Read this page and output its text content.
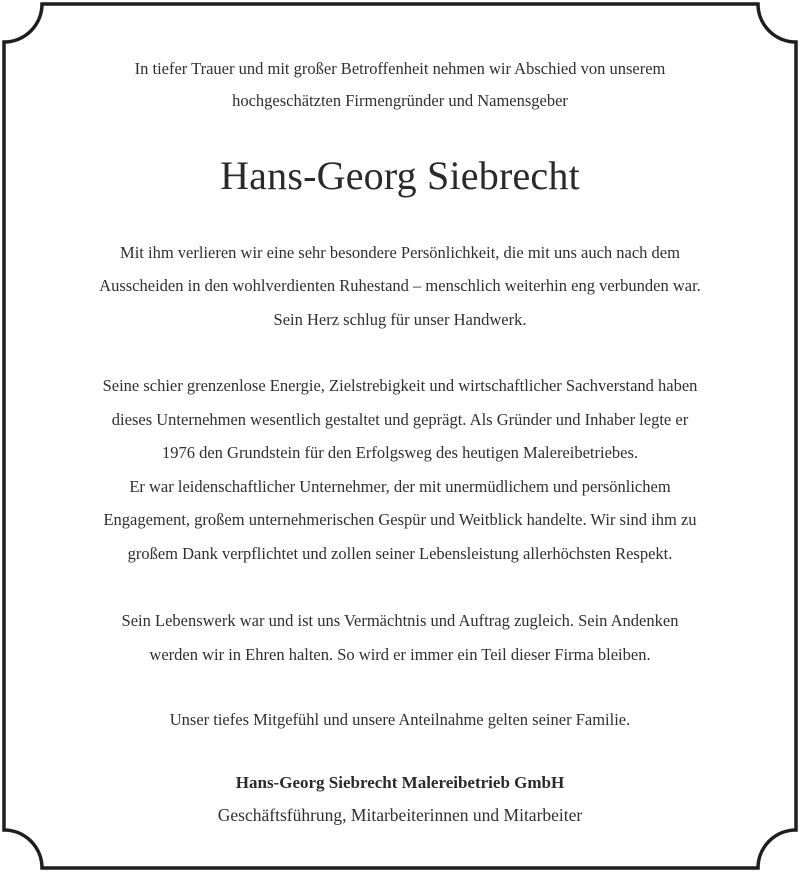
In tiefer Trauer und mit großer Betroffenheit nehmen wir Abschied von unserem
hochgeschätzten Firmengründer und Namensgeber
Hans-Georg Siebrecht
Mit ihm verlieren wir eine sehr besondere Persönlichkeit, die mit uns auch nach dem
Ausscheiden in den wohlverdienten Ruhestand – menschlich weiterhin eng verbunden war.
Sein Herz schlug für unser Handwerk.
Seine schier grenzenlose Energie, Zielstrebigkeit und wirtschaftlicher Sachverstand haben
dieses Unternehmen wesentlich gestaltet und geprägt. Als Gründer und Inhaber legte er
1976 den Grundstein für den Erfolgsweg des heutigen Malereibetriebes.
Er war leidenschaftlicher Unternehmer, der mit unermüdlichem und persönlichem
Engagement, großem unternehmerischen Gespür und Weitblick handelte. Wir sind ihm zu
großem Dank verpflichtet und zollen seiner Lebensleistung allerhöchsten Respekt.
Sein Lebenswerk war und ist uns Vermächtnis und Auftrag zugleich. Sein Andenken
werden wir in Ehren halten. So wird er immer ein Teil dieser Firma bleiben.
Unser tiefes Mitgefühl und unsere Anteilnahme gelten seiner Familie.
Hans-Georg Siebrecht Malereibetrieb GmbH
Geschäftsführung, Mitarbeiterinnen und Mitarbeiter
